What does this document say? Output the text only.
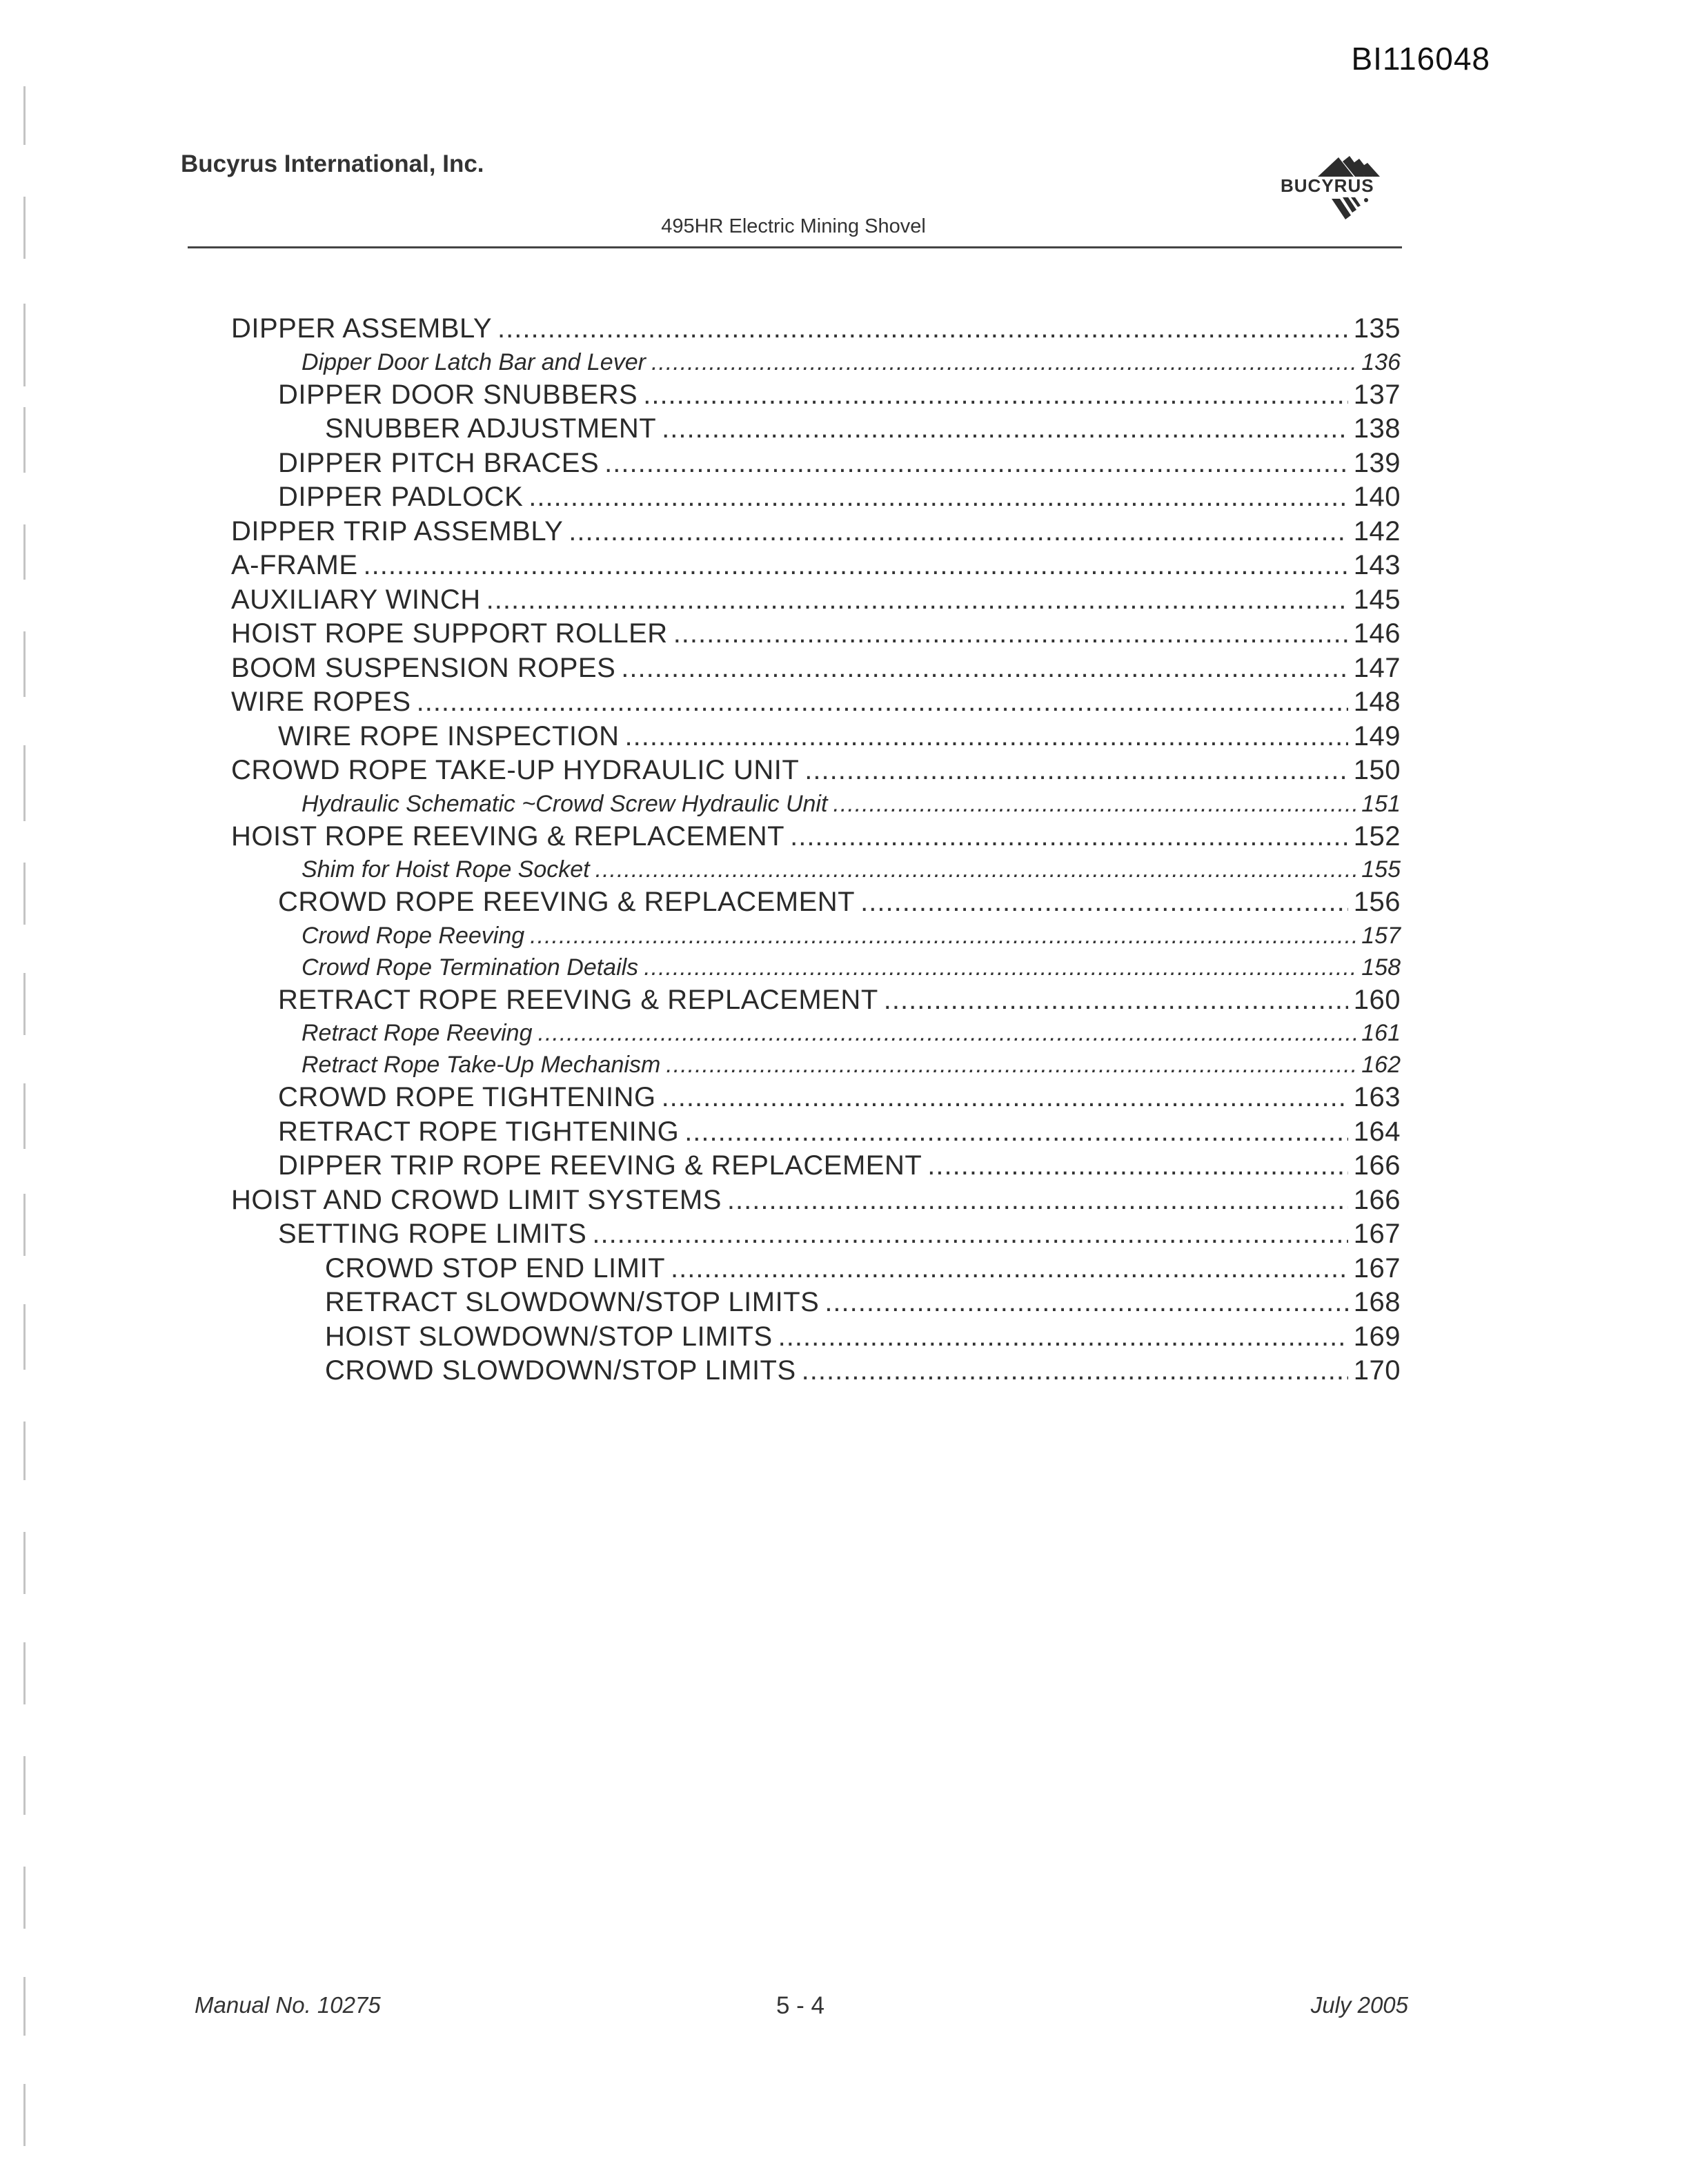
BI116048
Bucyrus International, Inc.
BUCYRUS
495HR Electric Mining Shovel
DIPPER ASSEMBLY .....	135
Dipper Door Latch Bar and Lever .....	136
DIPPER DOOR SNUBBERS .....	137
SNUBBER ADJUSTMENT .....	138
DIPPER PITCH BRACES .....	139
DIPPER PADLOCK .....	140
DIPPER TRIP ASSEMBLY .....	142
A-FRAME .....	143
AUXILIARY WINCH .....	145
HOIST ROPE SUPPORT ROLLER .....	146
BOOM SUSPENSION ROPES .....	147
WIRE ROPES .....	148
WIRE ROPE INSPECTION .....	149
CROWD ROPE TAKE-UP HYDRAULIC UNIT .....	150
Hydraulic Schematic ~Crowd Screw Hydraulic Unit .....	151
HOIST ROPE REEVING & REPLACEMENT .....	152
Shim for Hoist Rope Socket .....	155
CROWD ROPE REEVING & REPLACEMENT .....	156
Crowd Rope Reeving .....	157
Crowd Rope Termination Details .....	158
RETRACT ROPE REEVING & REPLACEMENT .....	160
Retract Rope Reeving .....	161
Retract Rope Take-Up Mechanism .....	162
CROWD ROPE TIGHTENING .....	163
RETRACT ROPE TIGHTENING .....	164
DIPPER TRIP ROPE REEVING & REPLACEMENT .....	166
HOIST AND CROWD LIMIT SYSTEMS .....	166
SETTING ROPE LIMITS .....	167
CROWD STOP END LIMIT .....	167
RETRACT SLOWDOWN/STOP LIMITS .....	168
HOIST SLOWDOWN/STOP LIMITS .....	169
CROWD SLOWDOWN/STOP LIMITS .....	170
Manual No. 10275	5 - 4	July 2005
